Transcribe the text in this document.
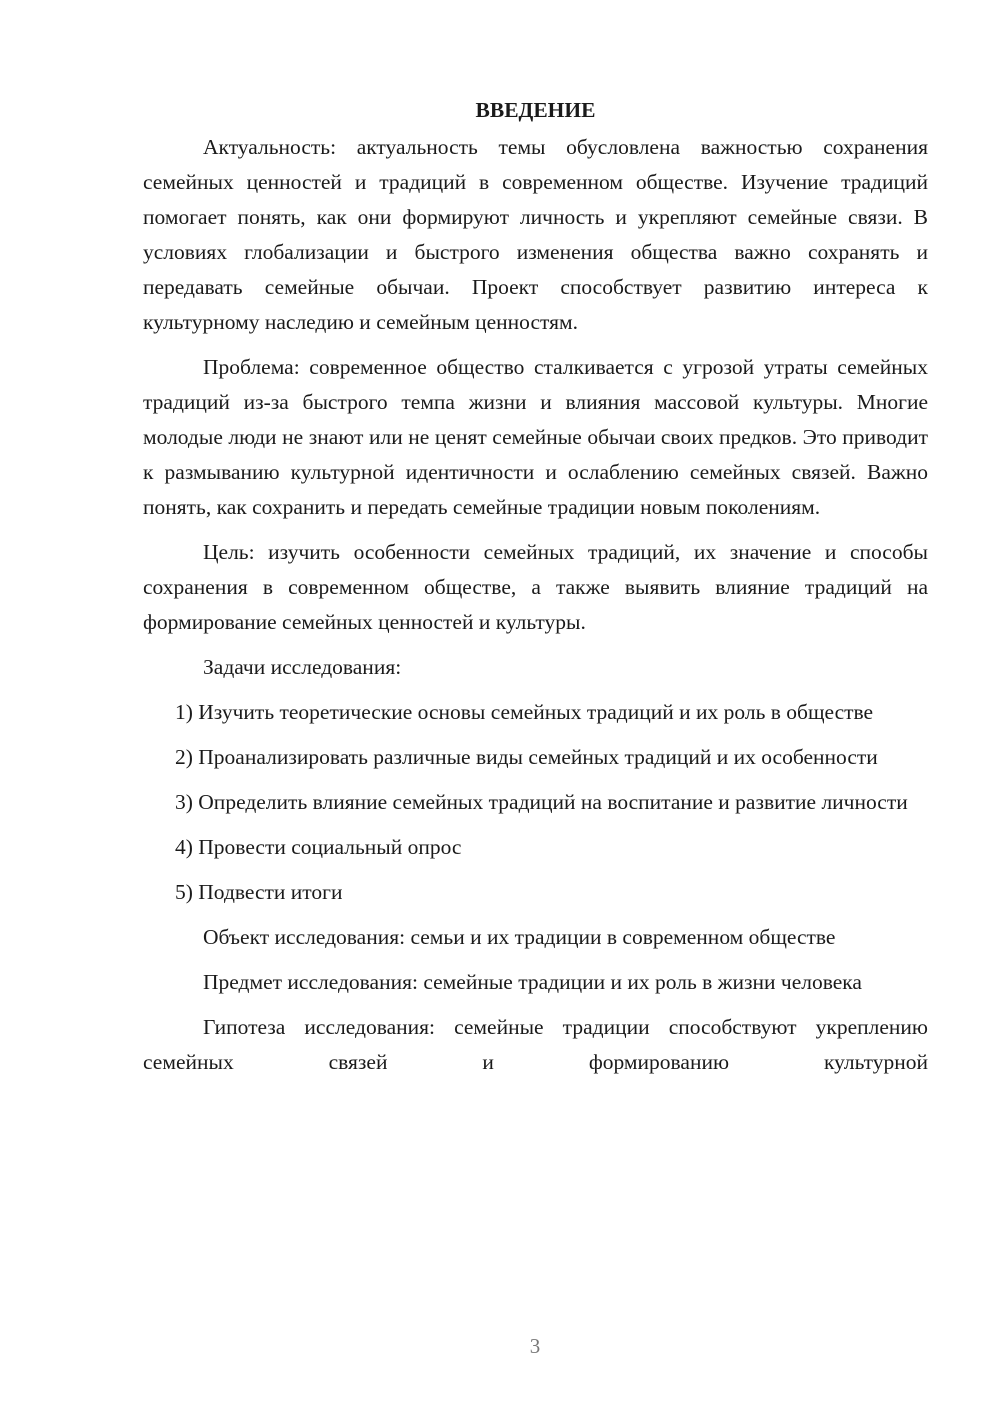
ВВЕДЕНИЕ

Актуальность: актуальность темы обусловлена важностью сохранения семейных ценностей и традиций в современном обществе. Изучение традиций помогает понять, как они формируют личность и укрепляют семейные связи. В условиях глобализации и быстрого изменения общества важно сохранять и передавать семейные обычаи. Проект способствует развитию интереса к культурному наследию и семейным ценностям.

Проблема: современное общество сталкивается с угрозой утраты семейных традиций из-за быстрого темпа жизни и влияния массовой культуры. Многие молодые люди не знают или не ценят семейные обычаи своих предков. Это приводит к размыванию культурной идентичности и ослаблению семейных связей. Важно понять, как сохранить и передать семейные традиции новым поколениям.

Цель: изучить особенности семейных традиций, их значение и способы сохранения в современном обществе, а также выявить влияние традиций на формирование семейных ценностей и культуры.

Задачи исследования:

1) Изучить теоретические основы семейных традиций и их роль в обществе

2) Проанализировать различные виды семейных традиций и их особенности

3) Определить влияние семейных традиций на воспитание и развитие личности

4) Провести социальный опрос

5) Подвести итоги

Объект исследования: семьи и их традиции в современном обществе

Предмет исследования: семейные традиции и их роль в жизни человека

Гипотеза исследования: семейные традиции способствуют укреплению семейных связей и формированию культурной

3
